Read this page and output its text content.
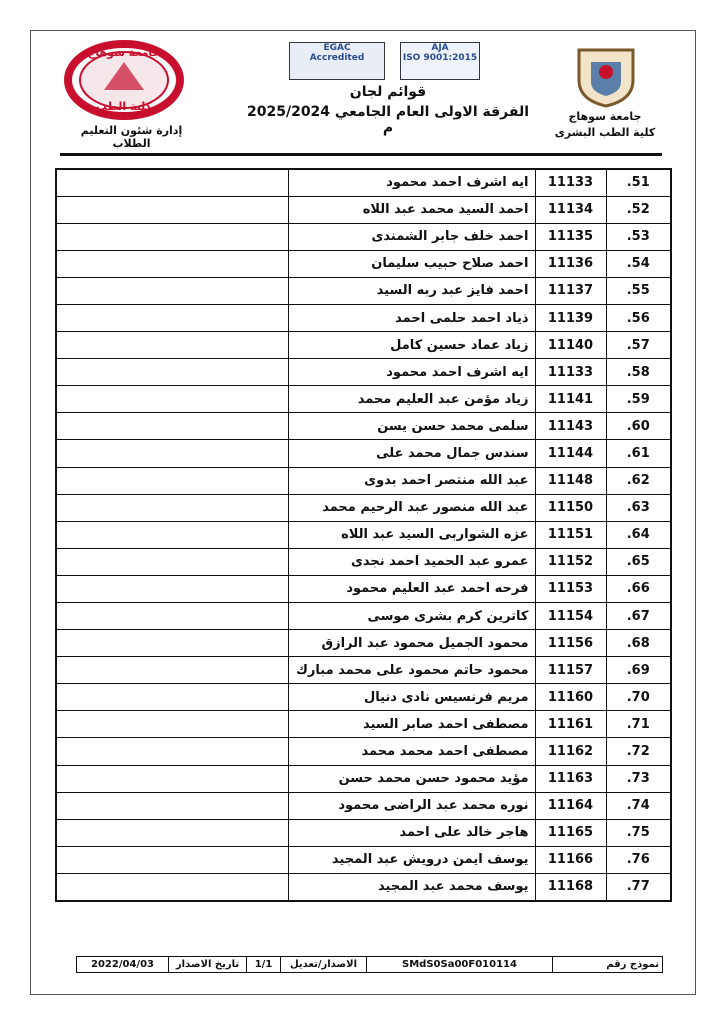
جامعة سوهاج
كلية الطب
إدارة شئون التعليم الطلاب
EGAC
Accredited
AJA
ISO 9001:2015
قوائم لجان
الفرقة الاولى العام الجامعي 2025/2024 م
جامعة سوهاج
كلية الطب البشرى
	ايه اشرف احمد محمود	11133	51.
	احمد السيد محمد عبد اللاه	11134	52.
	احمد خلف جابر الشمندى	11135	53.
	احمد صلاح حبيب سليمان	11136	54.
	احمد فايز عبد ربه السيد	11137	55.
	ذياد احمد حلمى احمد	11139	56.
	زياد عماد حسين كامل	11140	57.
	ايه اشرف احمد محمود	11133	58.
	زياد مؤمن عبد العليم محمد	11141	59.
	سلمى محمد حسن يسن	11143	60.
	سندس جمال محمد على	11144	61.
	عبد الله منتصر احمد بدوى	11148	62.
	عبد الله منصور عبد الرحيم محمد	11150	63.
	عزه الشواربى السيد عبد اللاه	11151	64.
	عمرو عبد الحميد احمد نجدى	11152	65.
	فرحه احمد عبد العليم محمود	11153	66.
	كاترين كرم بشرى موسى	11154	67.
	محمود الجميل محمود عبد الرازق	11156	68.
	محمود حاتم محمود على محمد مبارك	11157	69.
	مريم فرنسيس نادى دنيال	11160	70.
	مصطفى احمد صابر السيد	11161	71.
	مصطفى احمد محمد محمد	11162	72.
	مؤيد محمود حسن محمد حسن	11163	73.
	نوره محمد عبد الراضى محمود	11164	74.
	هاجر خالد على احمد	11165	75.
	يوسف ايمن درويش عبد المجيد	11166	76.
	يوسف محمد عبد المجيد	11168	77.
2022/04/03	تاريخ الاصدار	1/1	الاصدار/تعديل	SMdS0Sa00F010114	نموذج رقم
